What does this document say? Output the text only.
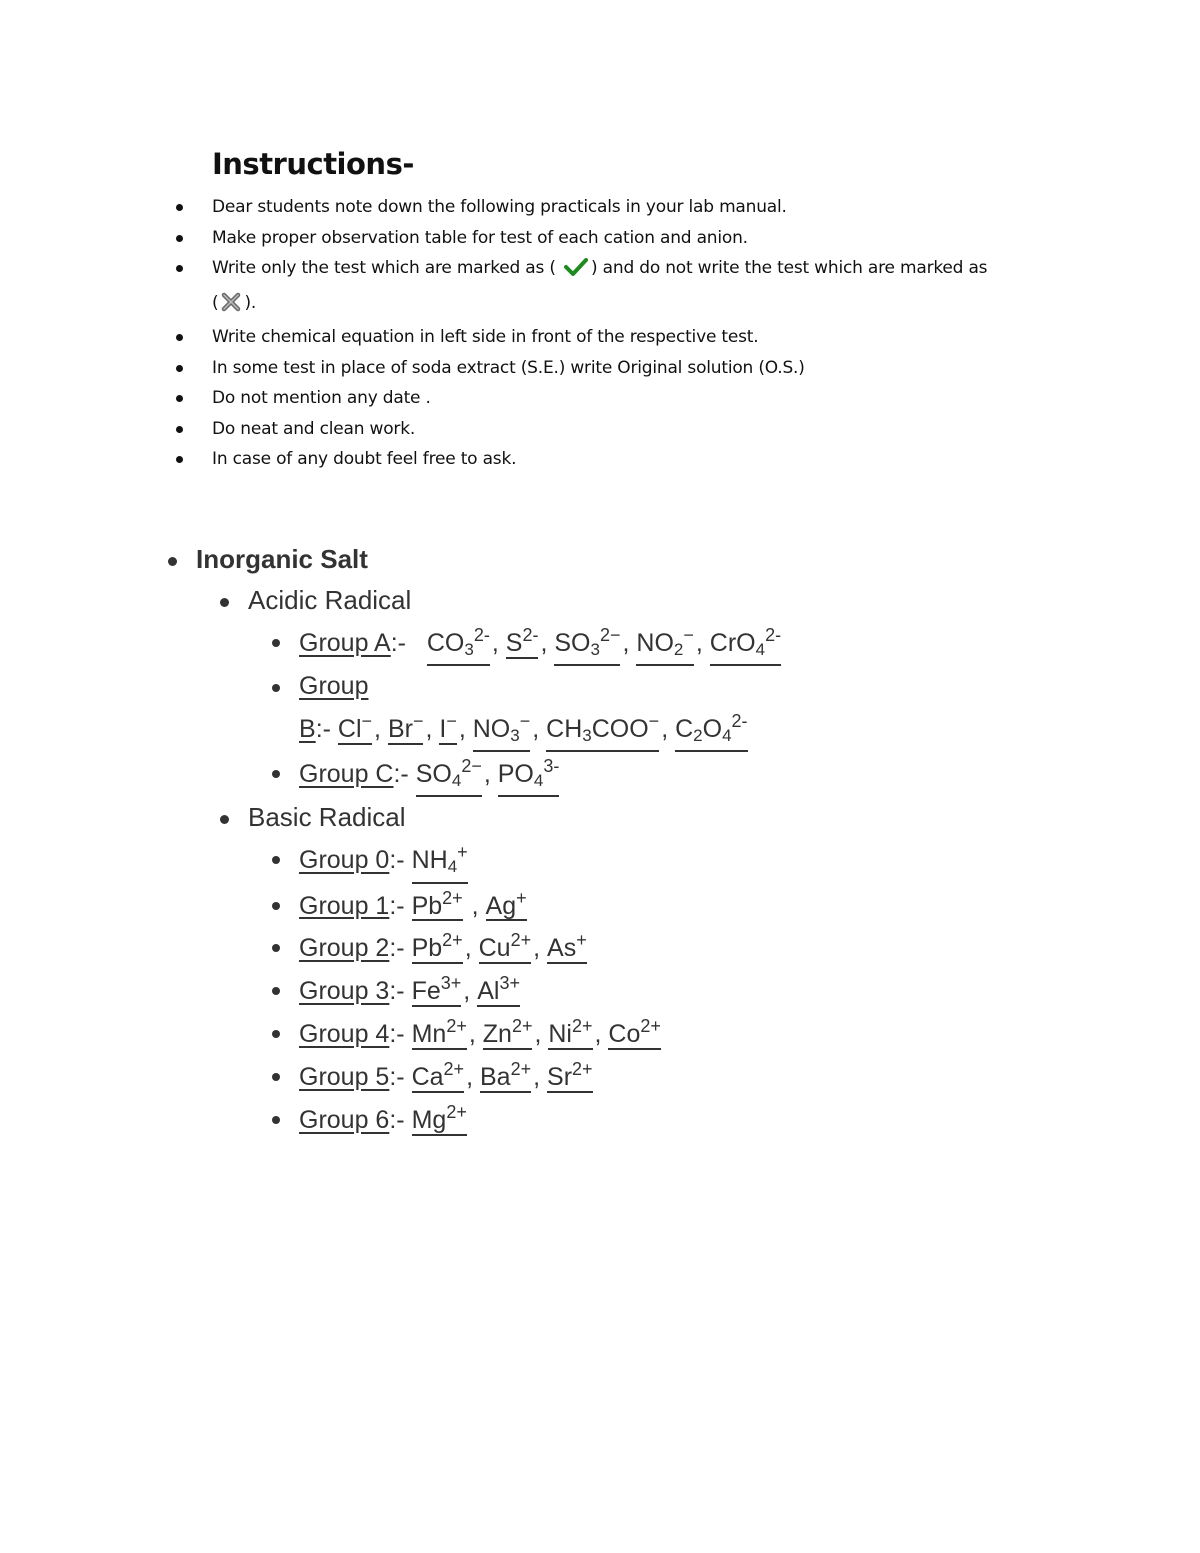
Instructions-
Dear students note down the following practicals in your lab manual.
Make proper observation table for test of each cation and anion.
Write only the test which are marked as ( ) and do not write the test which are marked as
( ).
Write chemical equation in left side in front of the respective test.
In some test in place of soda extract (S.E.) write Original solution (O.S.)
Do not mention any date .
Do neat and clean work.
In case of any doubt feel free to ask.
Inorganic Salt
Acidic Radical
Group A:- $CO_3^{2-}$, $S^{2-}$, $SO_3^{2-}$, $NO_2^-$, CrO$_4^{2-}$
Group
B:- Cl−, Br−, I−, $NO_3^-$, $CH_3COO^-$, $C_2O_4^{2-}$
Group C:- $SO_4^{2-}$, $PO_4^{3-}$
Basic Radical
Group 0:- $NH_4^+$
Group 1:- $Pb^{2+}$ , Ag+
Group 2:- $Pb^{2+}$, $Cu^{2+}$, As+
Group 3:- $Fe^{3+}$, $Al^{3+}$
Group 4:- $Mn^{2+}$, $Zn^{2+}$, $Ni^{2+}$, $Co^{2+}$
Group 5:- $Ca^{2+}$, $Ba^{2+}$, $Sr^{2+}$
Group 6:- $Mg^{2+}$
